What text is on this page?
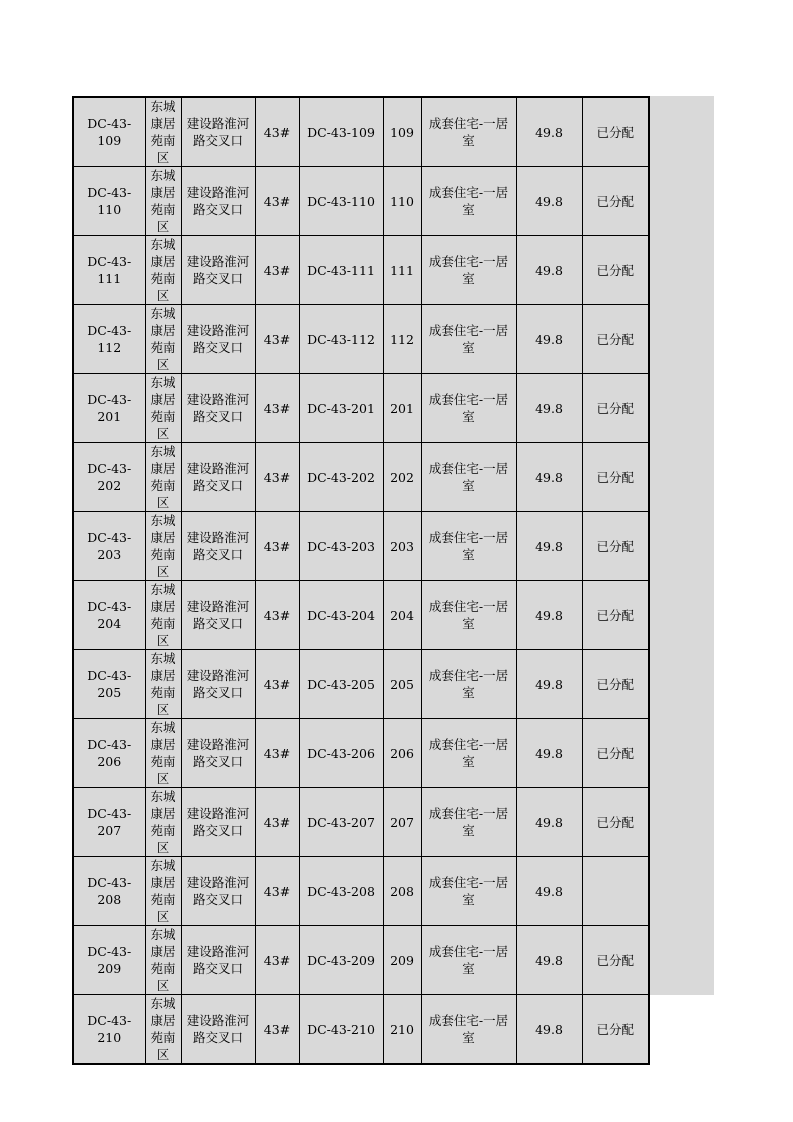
DC-43-109	东城康居苑南区	建设路淮河路交叉口	43#	DC-43-109	109	成套住宅-一居室	49.8	已分配
DC-43-110	东城康居苑南区	建设路淮河路交叉口	43#	DC-43-110	110	成套住宅-一居室	49.8	已分配
DC-43-111	东城康居苑南区	建设路淮河路交叉口	43#	DC-43-111	111	成套住宅-一居室	49.8	已分配
DC-43-112	东城康居苑南区	建设路淮河路交叉口	43#	DC-43-112	112	成套住宅-一居室	49.8	已分配
DC-43-201	东城康居苑南区	建设路淮河路交叉口	43#	DC-43-201	201	成套住宅-一居室	49.8	已分配
DC-43-202	东城康居苑南区	建设路淮河路交叉口	43#	DC-43-202	202	成套住宅-一居室	49.8	已分配
DC-43-203	东城康居苑南区	建设路淮河路交叉口	43#	DC-43-203	203	成套住宅-一居室	49.8	已分配
DC-43-204	东城康居苑南区	建设路淮河路交叉口	43#	DC-43-204	204	成套住宅-一居室	49.8	已分配
DC-43-205	东城康居苑南区	建设路淮河路交叉口	43#	DC-43-205	205	成套住宅-一居室	49.8	已分配
DC-43-206	东城康居苑南区	建设路淮河路交叉口	43#	DC-43-206	206	成套住宅-一居室	49.8	已分配
DC-43-207	东城康居苑南区	建设路淮河路交叉口	43#	DC-43-207	207	成套住宅-一居室	49.8	已分配
DC-43-208	东城康居苑南区	建设路淮河路交叉口	43#	DC-43-208	208	成套住宅-一居室	49.8	
DC-43-209	东城康居苑南区	建设路淮河路交叉口	43#	DC-43-209	209	成套住宅-一居室	49.8	已分配
DC-43-210	东城康居苑南区	建设路淮河路交叉口	43#	DC-43-210	210	成套住宅-一居室	49.8	已分配
